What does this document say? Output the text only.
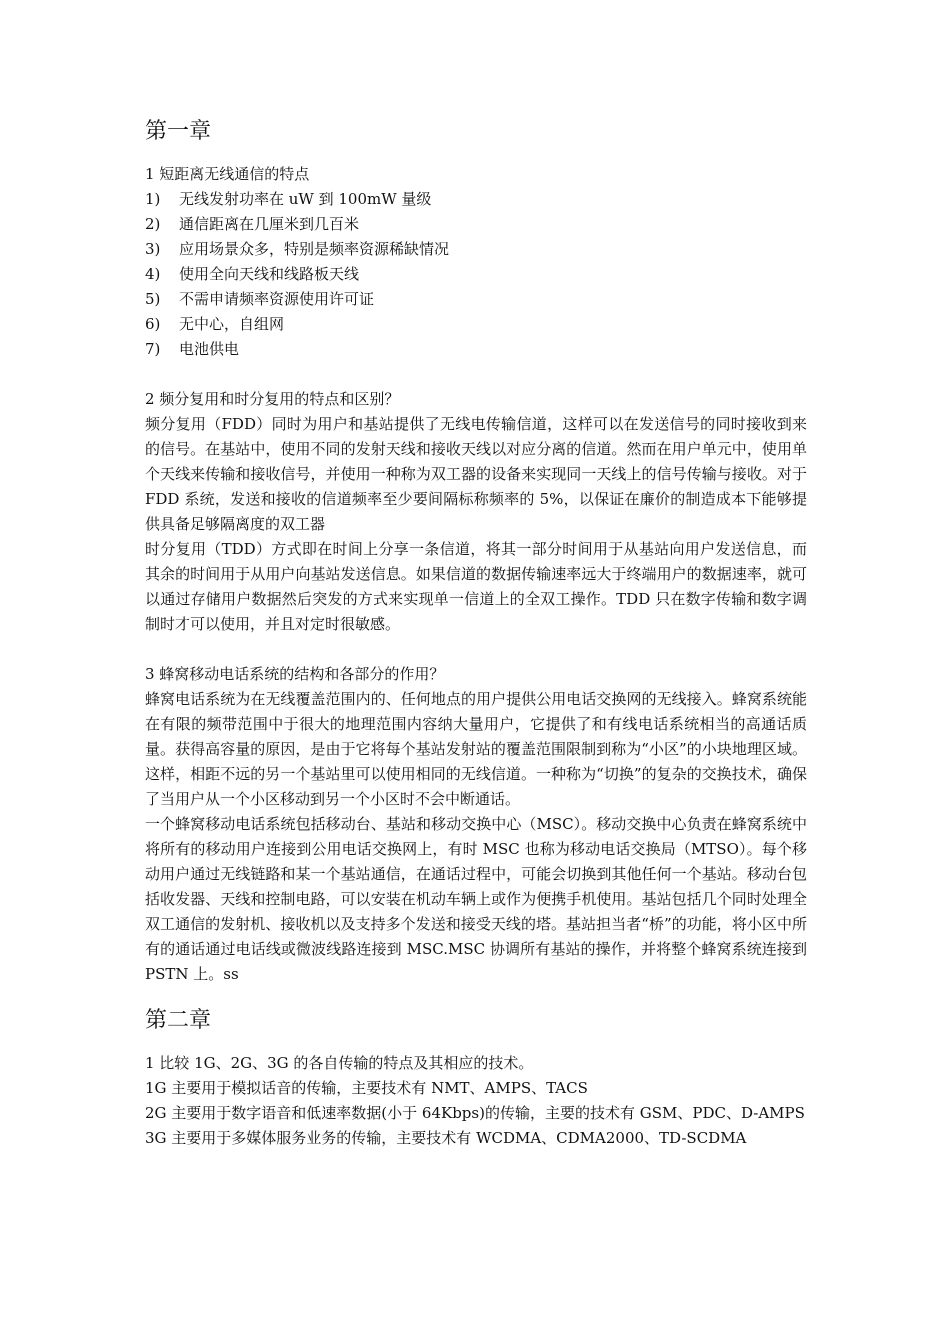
第一章
1 短距离无线通信的特点
1)	无线发射功率在 uW 到 100mW 量级
2)	通信距离在几厘米到几百米
3)	应用场景众多，特别是频率资源稀缺情况
4)	使用全向天线和线路板天线
5)	不需申请频率资源使用许可证
6)	无中心，自组网
7)	电池供电
2 频分复用和时分复用的特点和区别？

频分复用（FDD）同时为用户和基站提供了无线电传输信道，这样可以在发送信号的同时接收到来的信号。在基站中，使用不同的发射天线和接收天线以对应分离的信道。然而在用户单元中，使用单个天线来传输和接收信号，并使用一种称为双工器的设备来实现同一天线上的信号传输与接收。对于 FDD 系统，发送和接收的信道频率至少要间隔标称频率的 5%，以保证在廉价的制造成本下能够提供具备足够隔离度的双工器

时分复用（TDD）方式即在时间上分享一条信道，将其一部分时间用于从基站向用户发送信息，而其余的时间用于从用户向基站发送信息。如果信道的数据传输速率远大于终端用户的数据速率，就可以通过存储用户数据然后突发的方式来实现单一信道上的全双工操作。TDD 只在数字传输和数字调制时才可以使用，并且对定时很敏感。

3 蜂窝移动电话系统的结构和各部分的作用？

蜂窝电话系统为在无线覆盖范围内的、任何地点的用户提供公用电话交换网的无线接入。蜂窝系统能在有限的频带范围中于很大的地理范围内容纳大量用户，它提供了和有线电话系统相当的高通话质量。获得高容量的原因，是由于它将每个基站发射站的覆盖范围限制到称为“小区”的小块地理区域。这样，相距不远的另一个基站里可以使用相同的无线信道。一种称为“切换”的复杂的交换技术，确保了当用户从一个小区移动到另一个小区时不会中断通话。

一个蜂窝移动电话系统包括移动台、基站和移动交换中心（MSC）。移动交换中心负责在蜂窝系统中将所有的移动用户连接到公用电话交换网上，有时 MSC 也称为移动电话交换局（MTSO）。每个移动用户通过无线链路和某一个基站通信，在通话过程中，可能会切换到其他任何一个基站。移动台包括收发器、天线和控制电路，可以安装在机动车辆上或作为便携手机使用。基站包括几个同时处理全双工通信的发射机、接收机以及支持多个发送和接受天线的塔。基站担当者“桥”的功能，将小区中所有的通话通过电话线或微波线路连接到 MSC.MSC 协调所有基站的操作，并将整个蜂窝系统连接到 PSTN 上。ss

第二章
1 比较 1G、2G、3G 的各自传输的特点及其相应的技术。

1G 主要用于模拟话音的传输，主要技术有 NMT、AMPS、TACS

2G 主要用于数字语音和低速率数据(小于 64Kbps)的传输，主要的技术有 GSM、PDC、D-AMPS

3G 主要用于多媒体服务业务的传输，主要技术有 WCDMA、CDMA2000、TD-SCDMA
